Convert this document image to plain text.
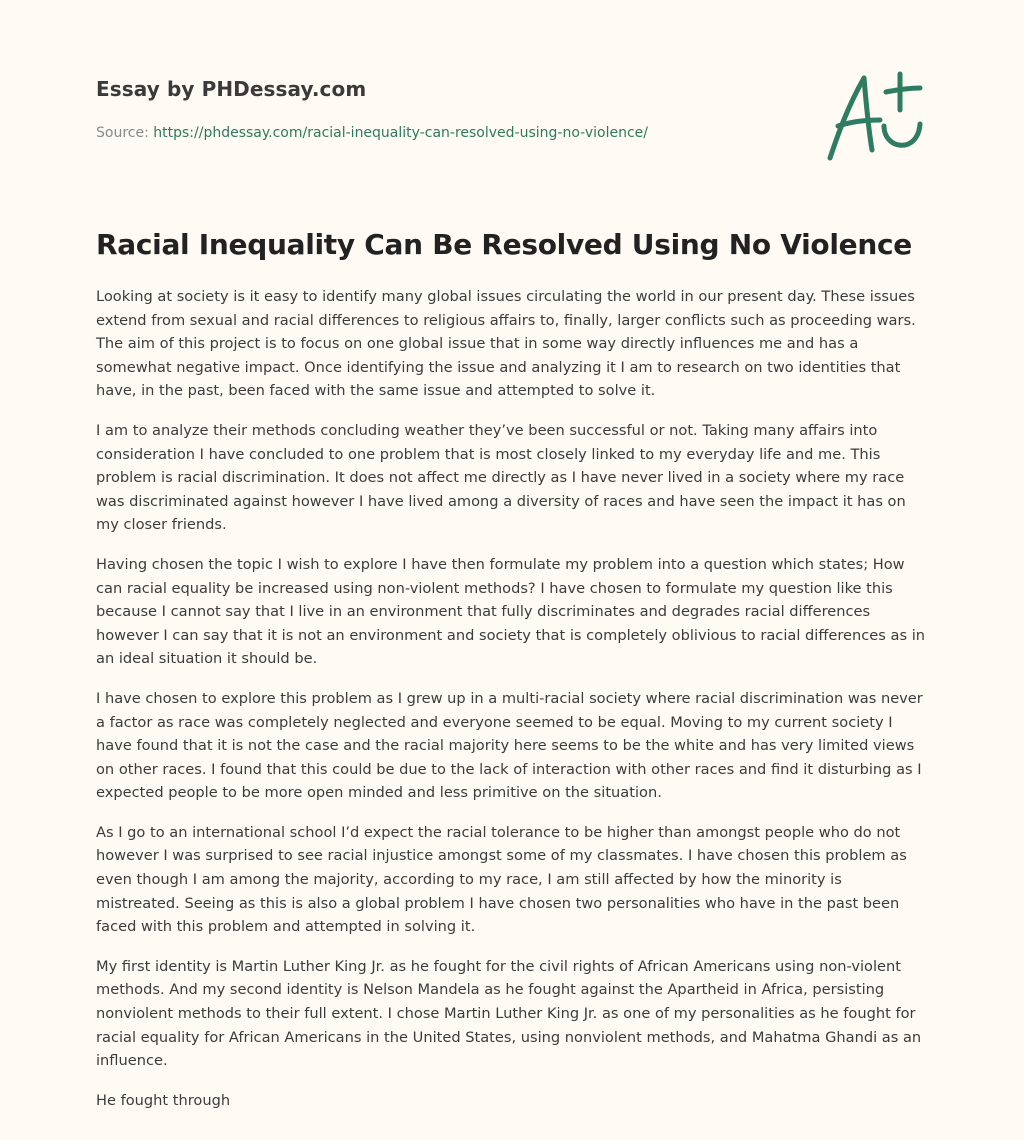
Essay by PHDessay.com

Source: https://phdessay.com/racial-inequality-can-resolved-using-no-violence/

Racial Inequality Can Be Resolved Using No Violence

Looking at society is it easy to identify many global issues circulating the world in our present day. These issues extend from sexual and racial differences to religious affairs to, finally, larger conflicts such as proceeding wars. The aim of this project is to focus on one global issue that in some way directly influences me and has a somewhat negative impact. Once identifying the issue and analyzing it I am to research on two identities that have, in the past, been faced with the same issue and attempted to solve it.

I am to analyze their methods concluding weather they’ve been successful or not. Taking many affairs into consideration I have concluded to one problem that is most closely linked to my everyday life and me. This problem is racial discrimination. It does not affect me directly as I have never lived in a society where my race was discriminated against however I have lived among a diversity of races and have seen the impact it has on my closer friends.

Having chosen the topic I wish to explore I have then formulate my problem into a question which states; How can racial equality be increased using non-violent methods? I have chosen to formulate my question like this because I cannot say that I live in an environment that fully discriminates and degrades racial differences however I can say that it is not an environment and society that is completely oblivious to racial differences as in an ideal situation it should be.

I have chosen to explore this problem as I grew up in a multi-racial society where racial discrimination was never a factor as race was completely neglected and everyone seemed to be equal. Moving to my current society I have found that it is not the case and the racial majority here seems to be the white and has very limited views on other races. I found that this could be due to the lack of interaction with other races and find it disturbing as I expected people to be more open minded and less primitive on the situation.

As I go to an international school I’d expect the racial tolerance to be higher than amongst people who do not however I was surprised to see racial injustice amongst some of my classmates. I have chosen this problem as even though I am among the majority, according to my race, I am still affected by how the minority is mistreated. Seeing as this is also a global problem I have chosen two personalities who have in the past been faced with this problem and attempted in solving it.

My first identity is Martin Luther King Jr. as he fought for the civil rights of African Americans using non-violent methods. And my second identity is Nelson Mandela as he fought against the Apartheid in Africa, persisting nonviolent methods to their full extent. I chose Martin Luther King Jr. as one of my personalities as he fought for racial equality for African Americans in the United States, using nonviolent methods, and Mahatma Ghandi as an influence.

He fought through
